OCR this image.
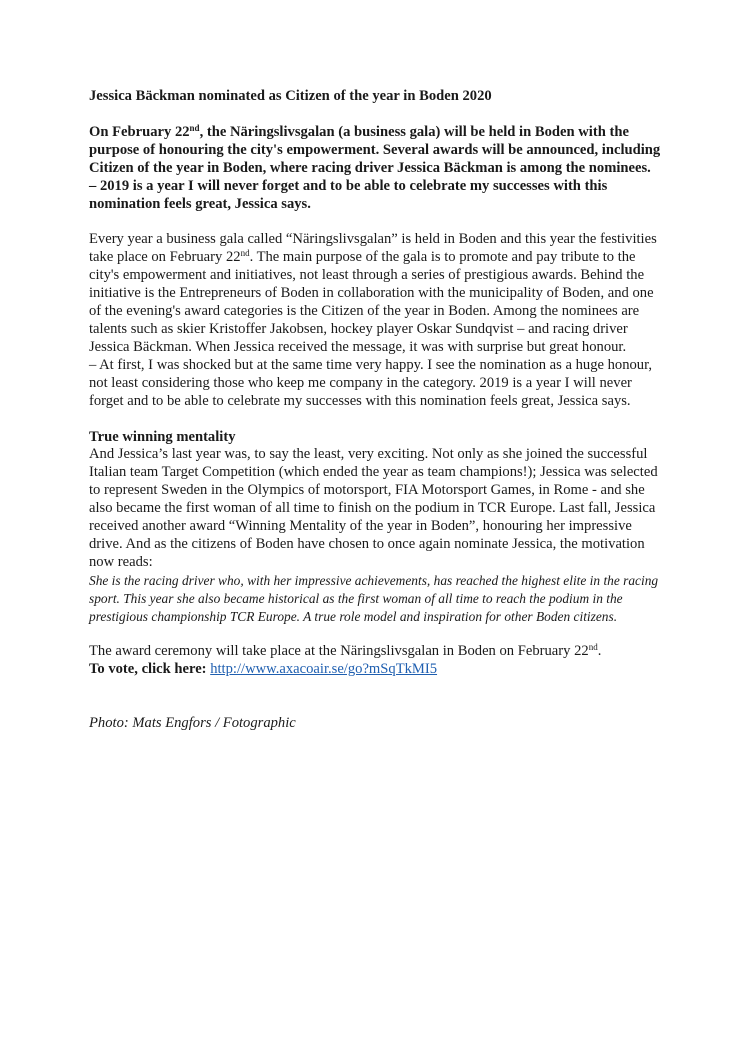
Jessica Bäckman nominated as Citizen of the year in Boden 2020

On February 22nd, the Näringslivsgalan (a business gala) will be held in Boden with the purpose of honouring the city's empowerment. Several awards will be announced, including Citizen of the year in Boden, where racing driver Jessica Bäckman is among the nominees.

– 2019 is a year I will never forget and to be able to celebrate my successes with this nomination feels great, Jessica says.

Every year a business gala called “Näringslivsgalan” is held in Boden and this year the festivities take place on February 22nd. The main purpose of the gala is to promote and pay tribute to the city's empowerment and initiatives, not least through a series of prestigious awards. Behind the initiative is the Entrepreneurs of Boden in collaboration with the municipality of Boden, and one of the evening's award categories is the Citizen of the year in Boden. Among the nominees are talents such as skier Kristoffer Jakobsen, hockey player Oskar Sundqvist – and racing driver Jessica Bäckman. When Jessica received the message, it was with surprise but great honour.

– At first, I was shocked but at the same time very happy. I see the nomination as a huge honour, not least considering those who keep me company in the category. 2019 is a year I will never forget and to be able to celebrate my successes with this nomination feels great, Jessica says.

True winning mentality

And Jessica’s last year was, to say the least, very exciting. Not only as she joined the successful Italian team Target Competition (which ended the year as team champions!); Jessica was selected to represent Sweden in the Olympics of motorsport, FIA Motorsport Games, in Rome - and she also became the first woman of all time to finish on the podium in TCR Europe. Last fall, Jessica received another award “Winning Mentality of the year in Boden”, honouring her impressive drive. And as the citizens of Boden have chosen to once again nominate Jessica, the motivation now reads:

She is the racing driver who, with her impressive achievements, has reached the highest elite in the racing sport. This year she also became historical as the first woman of all time to reach the podium in the prestigious championship TCR Europe. A true role model and inspiration for other Boden citizens.

The award ceremony will take place at the Näringslivsgalan in Boden on February 22nd.

To vote, click here: http://www.axacoair.se/go?mSqTkMI5

Photo: Mats Engfors / Fotographic
